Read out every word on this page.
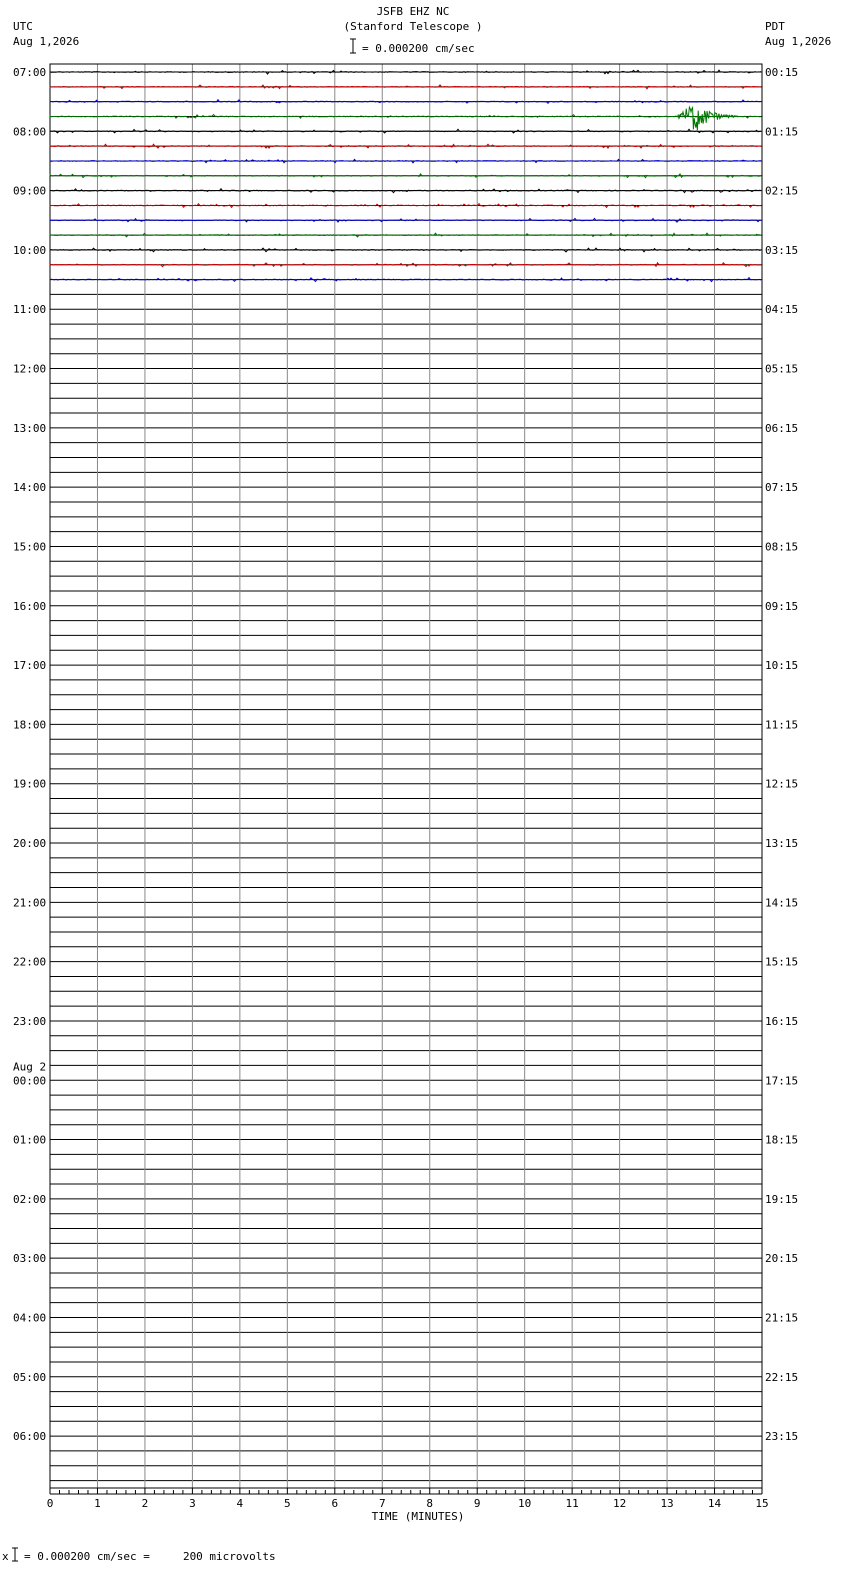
JSFB EHZ NC
(Stanford Telescope )
= 0.000200 cm/sec
UTC
Aug 1,2026
PDT
Aug 1,2026
07:00
08:00
09:00
10:00
11:00
12:00
13:00
14:00
15:00
16:00
17:00
18:00
19:00
20:00
21:00
22:00
23:00
00:00
01:00
02:00
03:00
04:00
05:00
06:00
Aug 2
00:15
01:15
02:15
03:15
04:15
05:15
06:15
07:15
08:15
09:15
10:15
11:15
12:15
13:15
14:15
15:15
16:15
17:15
18:15
19:15
20:15
21:15
22:15
23:15
0	1	2	3	4	5	6	7	8	9	10	11	12	13	14	15
TIME (MINUTES)
x = 0.000200 cm/sec =     200 microvolts
